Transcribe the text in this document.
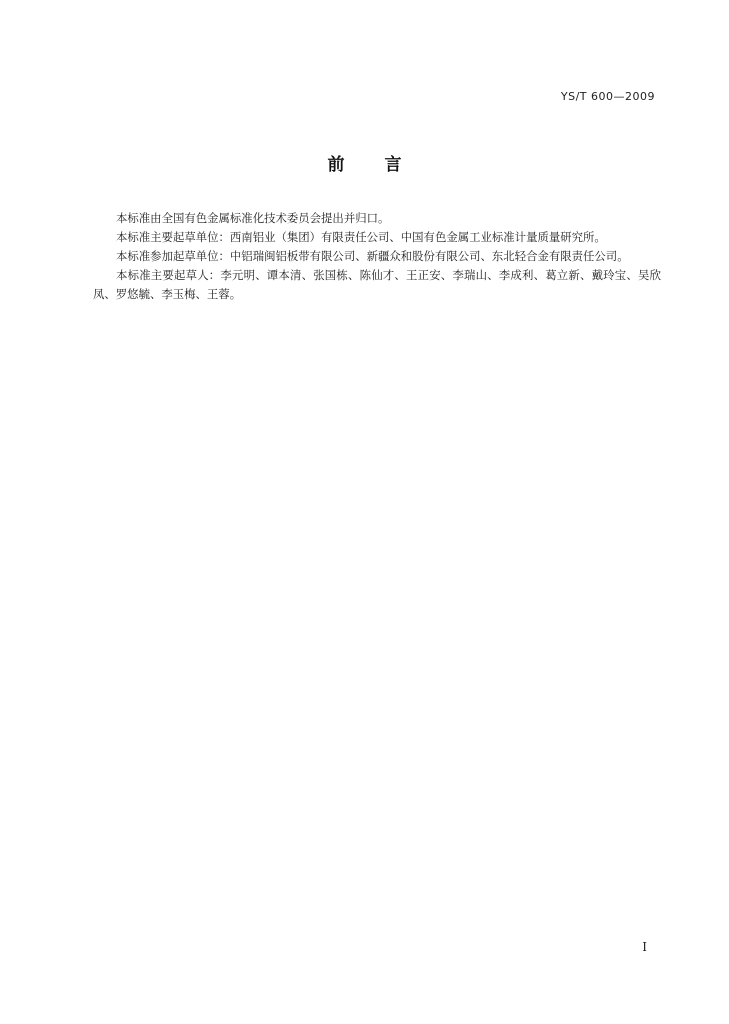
YS/T 600—2009
前 言

本标准由全国有色金属标准化技术委员会提出并归口。

本标准主要起草单位：西南铝业（集团）有限责任公司、中国有色金属工业标准计量质量研究所。

本标准参加起草单位：中铝瑞闽铝板带有限公司、新疆众和股份有限公司、东北轻合金有限责任公司。

本标准主要起草人：李元明、谭本清、张国栋、陈仙才、王正安、李瑞山、李成利、葛立新、戴玲宝、吴欣凤、罗悠毓、李玉梅、王蓉。

I
